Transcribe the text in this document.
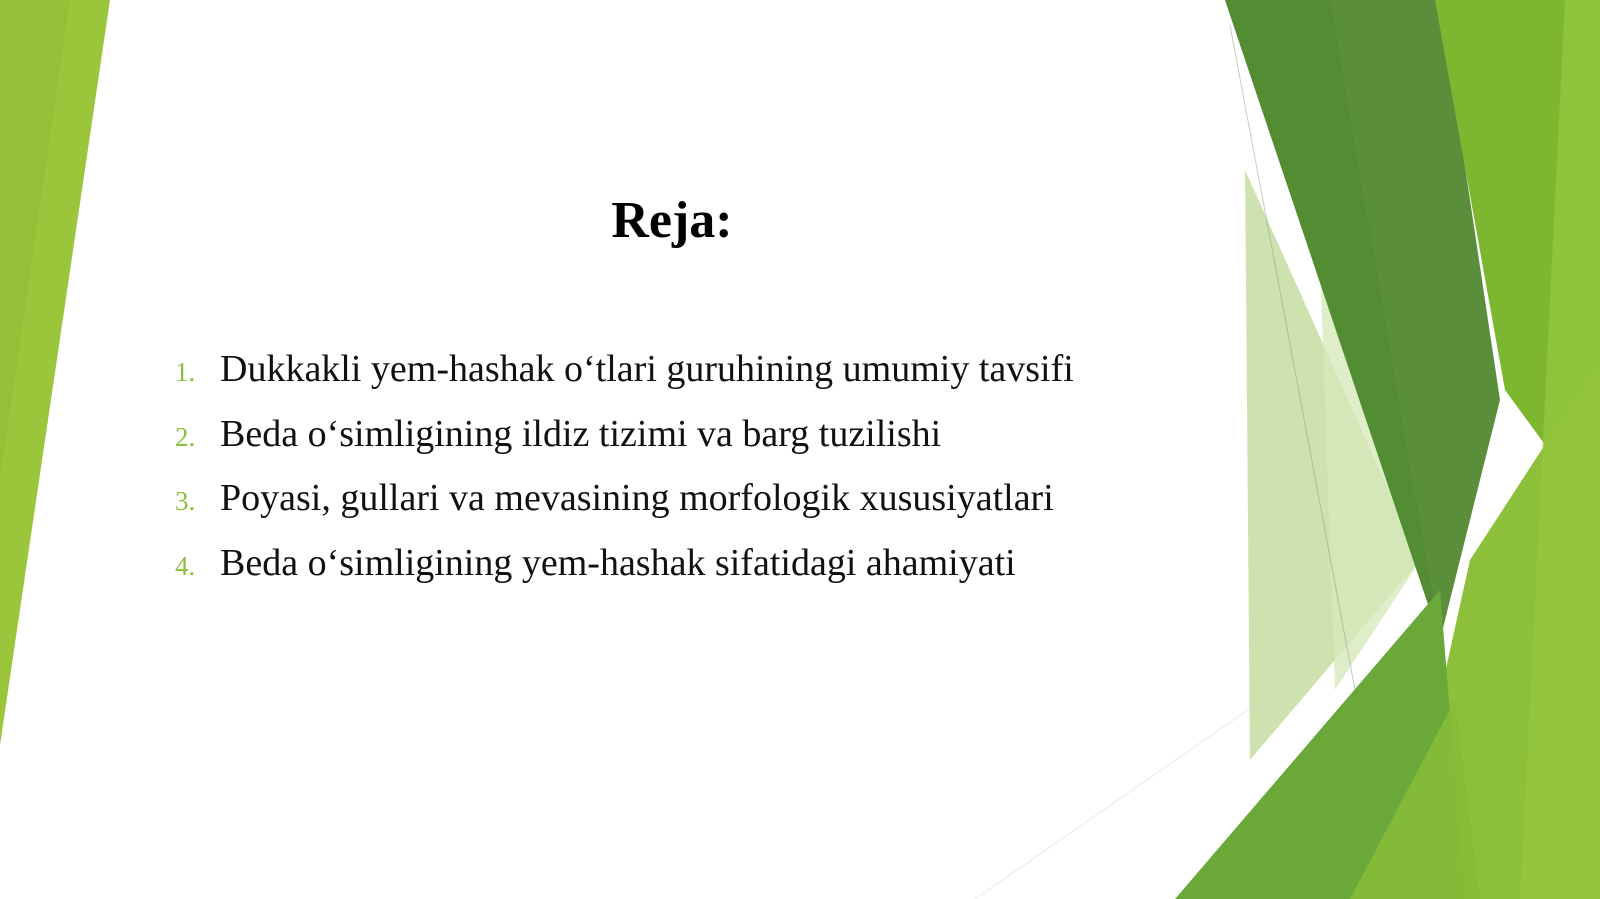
Reja:
1. Dukkakli yem-hashak o‘tlari guruhining umumiy tavsifi
2. Beda o‘simligining ildiz tizimi va barg tuzilishi
3. Poyasi, gullari va mevasining morfologik xususiyatlari
4. Beda o‘simligining yem-hashak sifatidagi ahamiyati
